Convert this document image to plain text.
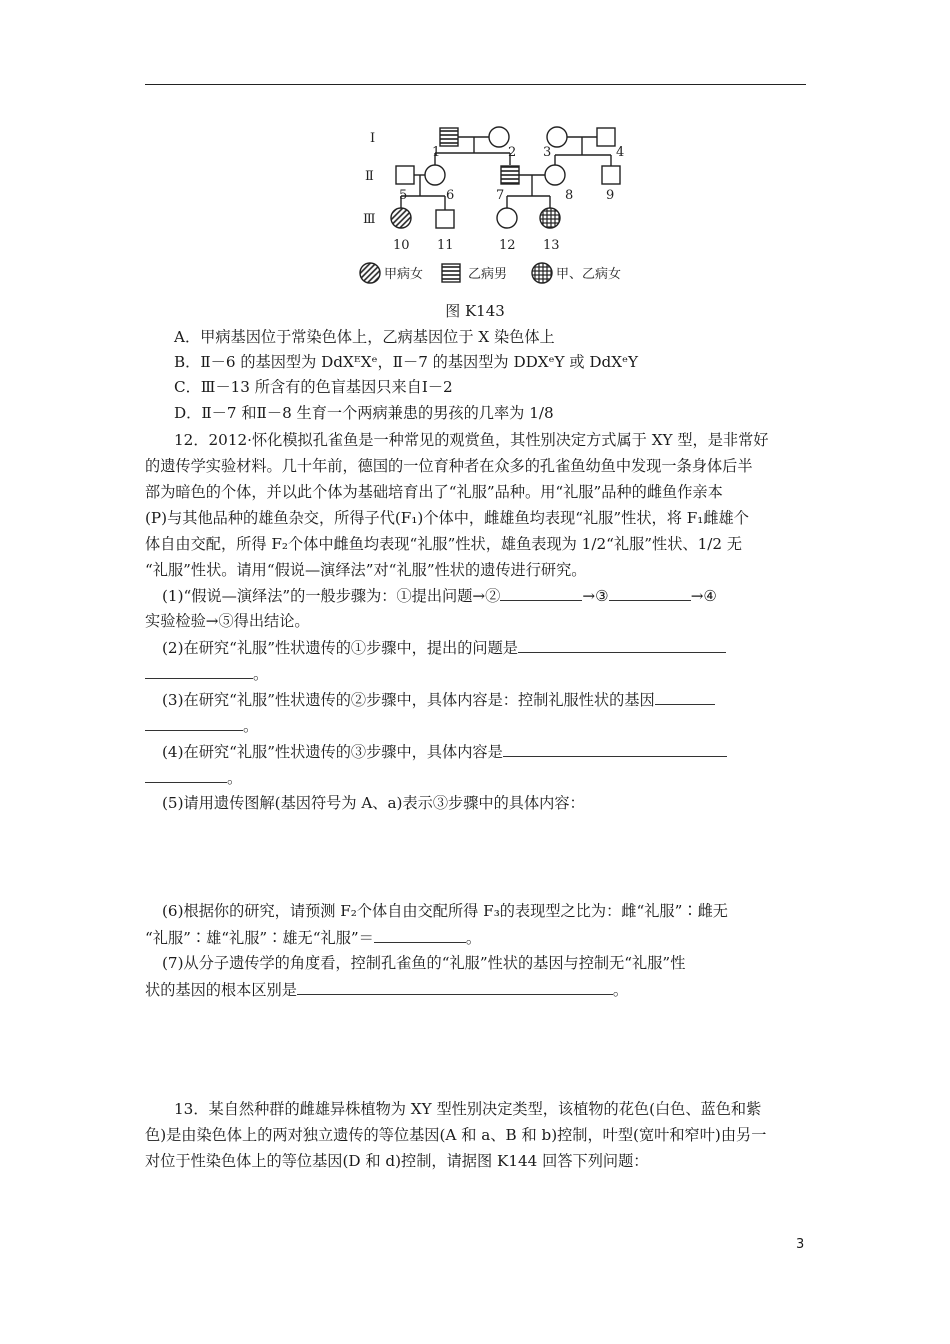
Ⅰ
Ⅱ
Ⅲ
1	2 3	4
5	6	7	8	9
10 11	12 13
甲病女	乙病男	甲、乙病女
图 K143
A．甲病基因位于常染色体上，乙病基因位于 X 染色体上
B．Ⅱ－6 的基因型为 DdXᴱXᵉ，Ⅱ－7 的基因型为 DDXᵉY 或 DdXᵉY
C．Ⅲ－13 所含有的色盲基因只来自Ⅰ－2
D．Ⅱ－7 和Ⅱ－8 生育一个两病兼患的男孩的几率为 1/8
12．2012·怀化模拟孔雀鱼是一种常见的观赏鱼，其性别决定方式属于 XY 型，是非常好
的遗传学实验材料。几十年前，德国的一位育种者在众多的孔雀鱼幼鱼中发现一条身体后半
部为暗色的个体，并以此个体为基础培育出了“礼服”品种。用“礼服”品种的雌鱼作亲本
(P)与其他品种的雄鱼杂交，所得子代(F₁)个体中，雌雄鱼均表现“礼服”性状，将 F₁雌雄个
体自由交配，所得 F₂个体中雌鱼均表现“礼服”性状，雄鱼表现为 1/2“礼服”性状、1/2 无
“礼服”性状。请用“假说—演绎法”对“礼服”性状的遗传进行研究。
(1)“假说—演绎法”的一般步骤为：①提出问题→②	→③	→④
实验检验→⑤得出结论。
(2)在研究“礼服”性状遗传的①步骤中，提出的问题是
。
(3)在研究“礼服”性状遗传的②步骤中，具体内容是：控制礼服性状的基因
。
(4)在研究“礼服”性状遗传的③步骤中，具体内容是
。
(5)请用遗传图解(基因符号为 A、a)表示③步骤中的具体内容：
(6)根据你的研究，请预测 F₂个体自由交配所得 F₃的表现型之比为：雌“礼服”∶雌无
“礼服”∶雄“礼服”∶雄无“礼服”＝	。
(7)从分子遗传学的角度看，控制孔雀鱼的“礼服”性状的基因与控制无“礼服”性
状的基因的根本区别是	。
13．某自然种群的雌雄异株植物为 XY 型性别决定类型，该植物的花色(白色、蓝色和紫
色)是由染色体上的两对独立遗传的等位基因(A 和 a、B 和 b)控制，叶型(宽叶和窄叶)由另一
对位于性染色体上的等位基因(D 和 d)控制，请据图 K144 回答下列问题：
3
